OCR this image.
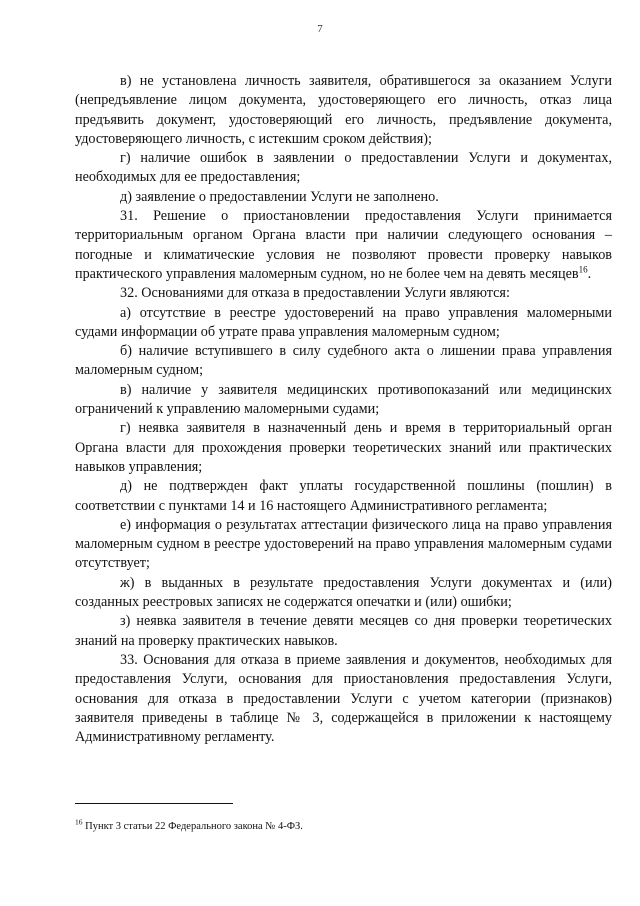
7

в) не установлена личность заявителя, обратившегося за оказанием Услуги (непредъявление лицом документа, удостоверяющего его личность, отказ лица предъявить документ, удостоверяющий его личность, предъявление документа, удостоверяющего личность, с истекшим сроком действия);

г) наличие ошибок в заявлении о предоставлении Услуги и документах, необходимых для ее предоставления;

д) заявление о предоставлении Услуги не заполнено.

31. Решение о приостановлении предоставления Услуги принимается территориальным органом Органа власти при наличии следующего основания – погодные и климатические условия не позволяют провести проверку навыков практического управления маломерным судном, но не более чем на девять месяцев$^{16}$.

32. Основаниями для отказа в предоставлении Услуги являются:

а) отсутствие в реестре удостоверений на право управления маломерными судами информации об утрате права управления маломерным судном;

б) наличие вступившего в силу судебного акта о лишении права управления маломерным судном;

в) наличие у заявителя медицинских противопоказаний или медицинских ограничений к управлению маломерными судами;

г) неявка заявителя в назначенный день и время в территориальный орган Органа власти для прохождения проверки теоретических знаний или практических навыков управления;

д) не подтвержден факт уплаты государственной пошлины (пошлин) в соответствии с пунктами 14 и 16 настоящего Административного регламента;

е) информация о результатах аттестации физического лица на право управления маломерным судном в реестре удостоверений на право управления маломерным судами отсутствует;

ж) в выданных в результате предоставления Услуги документах и (или) созданных реестровых записях не содержатся опечатки и (или) ошибки;

з) неявка заявителя в течение девяти месяцев со дня проверки теоретических знаний на проверку практических навыков.

33. Основания для отказа в приеме заявления и документов, необходимых для предоставления Услуги, основания для приостановления предоставления Услуги, основания для отказа в предоставлении Услуги с учетом категории (признаков) заявителя приведены в таблице № 3, содержащейся в приложении к настоящему Административному регламенту.

$^{16}$ Пункт 3 статьи 22 Федерального закона № 4-ФЗ.
